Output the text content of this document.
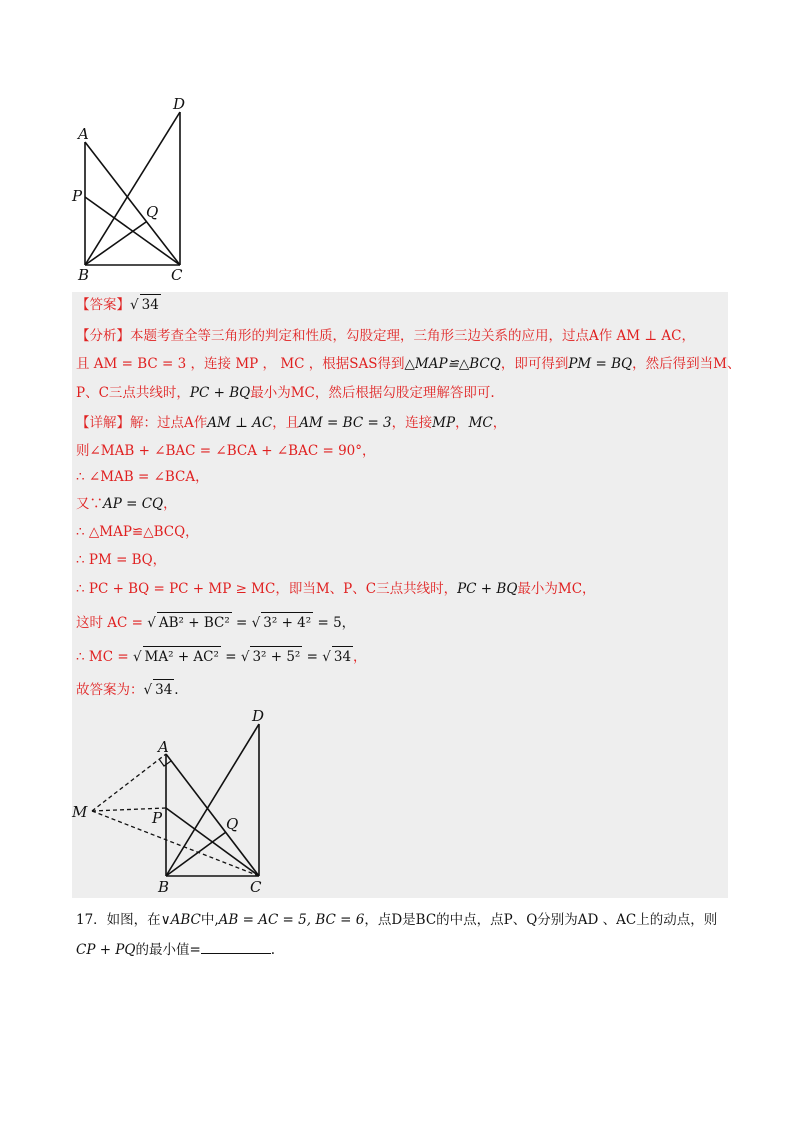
A
D
P
Q
B	C
【答案】√ 34
【分析】本题考查全等三角形的判定和性质，勾股定理，三角形三边关系的应用，过点A作 AM ⊥ AC，
且 AM = BC = 3 ，连接 MP ， MC ，根据SAS得到△MAP≌△BCQ，即可得到PM = BQ，然后得到当M、
P、C三点共线时，PC + BQ最小为MC，然后根据勾股定理解答即可.
【详解】解：过点A作AM ⊥ AC，且AM = BC = 3，连接MP，MC，
则∠MAB + ∠BAC = ∠BCA + ∠BAC = 90°，
∴ ∠MAB = ∠BCA，
又∵AP = CQ，
∴ △MAP≌△BCQ，
∴ PM = BQ，
∴ PC + BQ = PC + MP ≥ MC，即当M、P、C三点共线时，PC + BQ最小为MC，
这时 AC = √ AB² + BC² = √ 3² + 4² = 5，
∴ MC = √ MA² + AC² = √ 3² + 5² = √ 34 ，
故答案为：√ 34 .
A
D
M	P	Q
B	C
17．如图，在∨ABC中,AB = AC = 5, BC = 6，点D是BC的中点，点P、Q分别为AD 、AC上的动点，则
CP + PQ的最小值=	.
